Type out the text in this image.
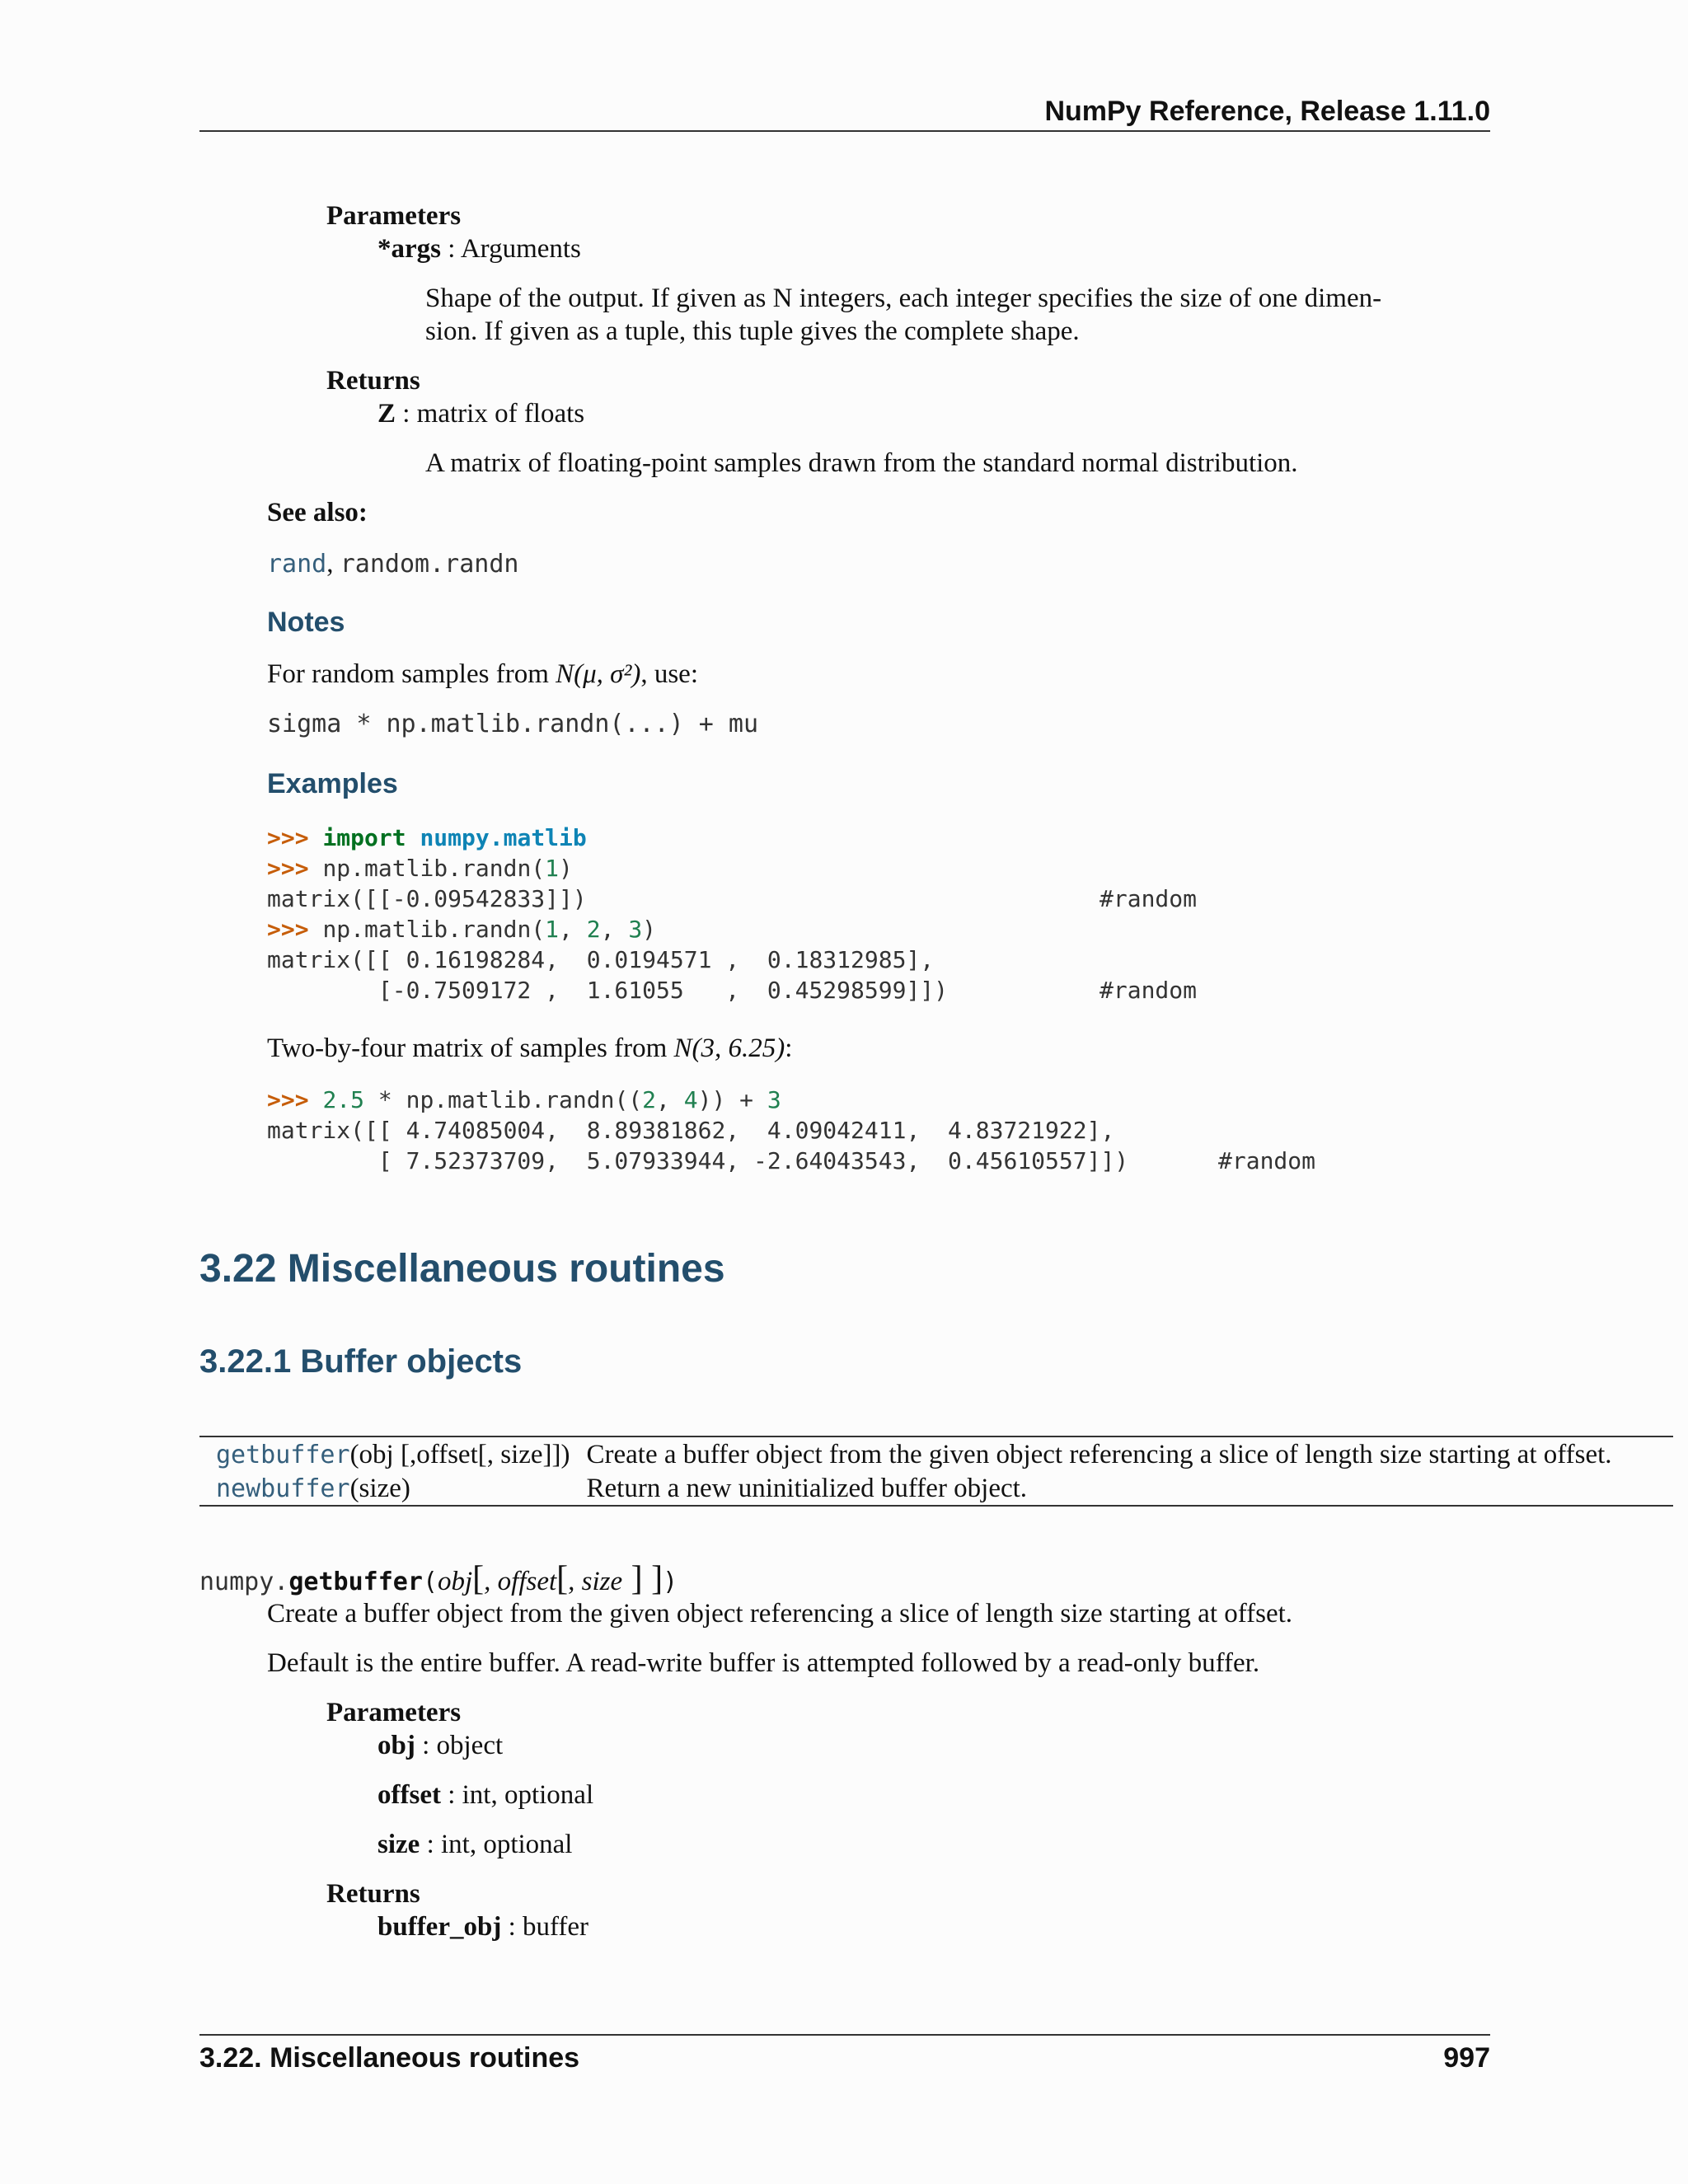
NumPy Reference, Release 1.11.0
Parameters
*args : Arguments
Shape of the output. If given as N integers, each integer specifies the size of one dimen-
sion. If given as a tuple, this tuple gives the complete shape.
Returns
Z : matrix of floats
A matrix of floating-point samples drawn from the standard normal distribution.
See also:
rand, random.randn
Notes
For random samples from N(μ, σ²), use:
sigma * np.matlib.randn(...) + mu
Examples
>>> import numpy.matlib
>>> np.matlib.randn(1)
matrix([[-0.09542833]])	#random
>>> np.matlib.randn(1, 2, 3)
matrix([[ 0.16198284,  0.0194571 ,  0.18312985],
[-0.7509172 ,  1.61055   ,  0.45298599]])	#random
Two-by-four matrix of samples from N(3, 6.25):
>>> 2.5 * np.matlib.randn((2, 4)) + 3
matrix([[ 4.74085004,  8.89381862,  4.09042411,  4.83721922],
[ 7.52373709,  5.07933944, -2.64043543,  0.45610557]])	#random
3.22 Miscellaneous routines
3.22.1 Buffer objects
getbuffer(obj [,offset[, size]])	Create a buffer object from the given object referencing a slice of length size starting at offset.
newbuffer(size)	Return a new uninitialized buffer object.
numpy.getbuffer(obj[, offset[, size ] ])
Create a buffer object from the given object referencing a slice of length size starting at offset.
Default is the entire buffer. A read-write buffer is attempted followed by a read-only buffer.
Parameters
obj : object
offset : int, optional
size : int, optional
Returns
buffer_obj : buffer
3.22. Miscellaneous routines	997
